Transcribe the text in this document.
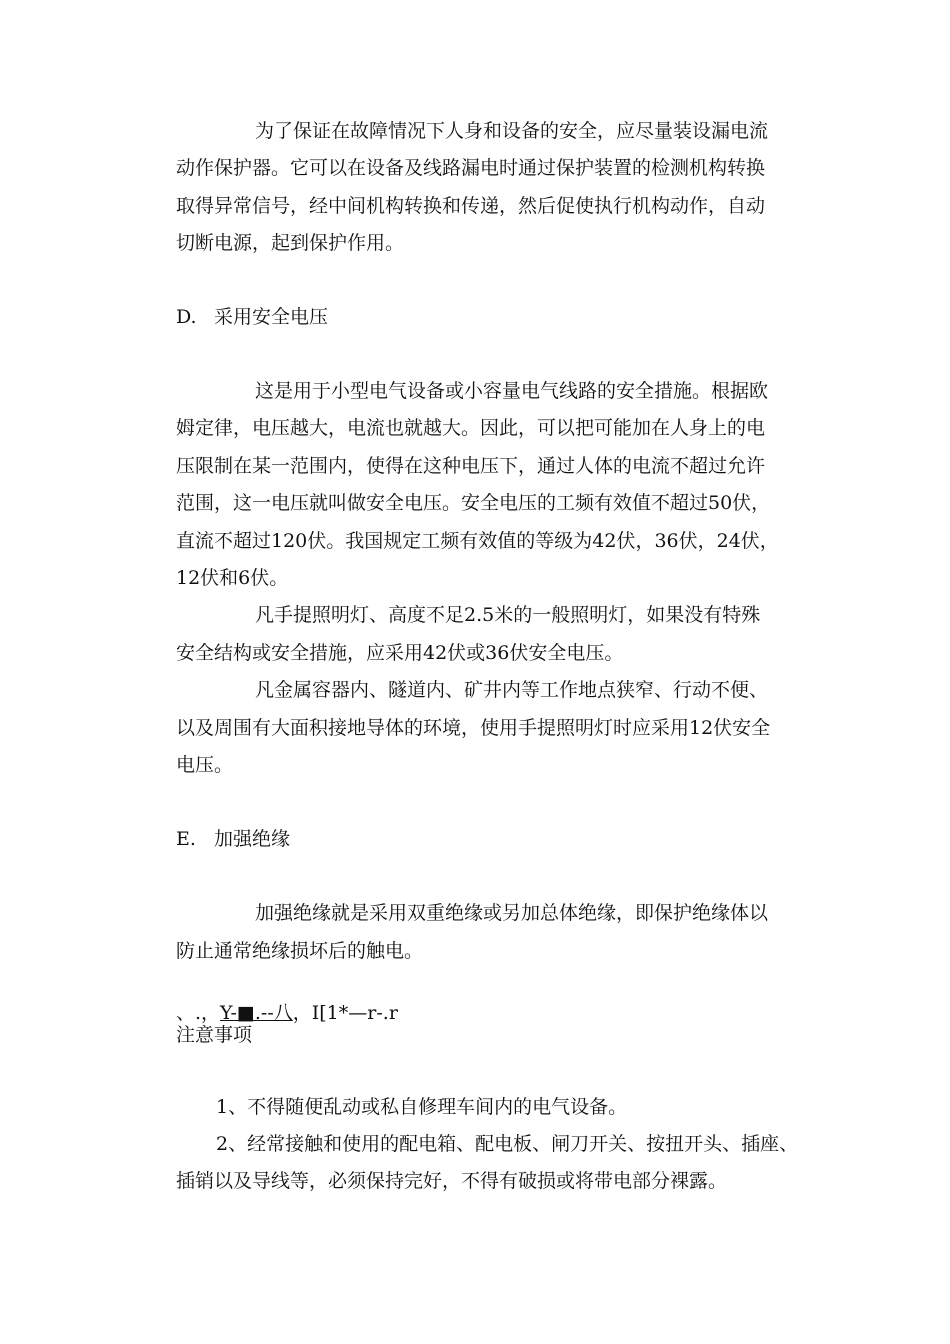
为了保证在故障情况下人身和设备的安全，应尽量装设漏电流
动作保护器。它可以在设备及线路漏电时通过保护装置的检测机构转换
取得异常信号，经中间机构转换和传递，然后促使执行机构动作，自动
切断电源，起到保护作用。
D. 采用安全电压
这是用于小型电气设备或小容量电气线路的安全措施。根据欧
姆定律，电压越大，电流也就越大。因此，可以把可能加在人身上的电
压限制在某一范围内，使得在这种电压下，通过人体的电流不超过允许
范围，这一电压就叫做安全电压。安全电压的工频有效值不超过50伏，
直流不超过120伏。我国规定工频有效值的等级为42伏，36伏，24伏，
12伏和6伏。
凡手提照明灯、高度不足2.5米的一般照明灯，如果没有特殊
安全结构或安全措施，应采用42伏或36伏安全电压。
凡金属容器内、隧道内、矿井内等工作地点狭窄、行动不便、
以及周围有大面积接地导体的环境，使用手提照明灯时应采用12伏安全
电压。
E. 加强绝缘
加强绝缘就是采用双重绝缘或另加总体绝缘，即保护绝缘体以
防止通常绝缘损坏后的触电。
、.，Y-■.--八，I[1*—r-.r
注意事项
1、不得随便乱动或私自修理车间内的电气设备。
2、经常接触和使用的配电箱、配电板、闸刀开关、按扭开头、插座、
插销以及导线等，必须保持完好，不得有破损或将带电部分裸露。
